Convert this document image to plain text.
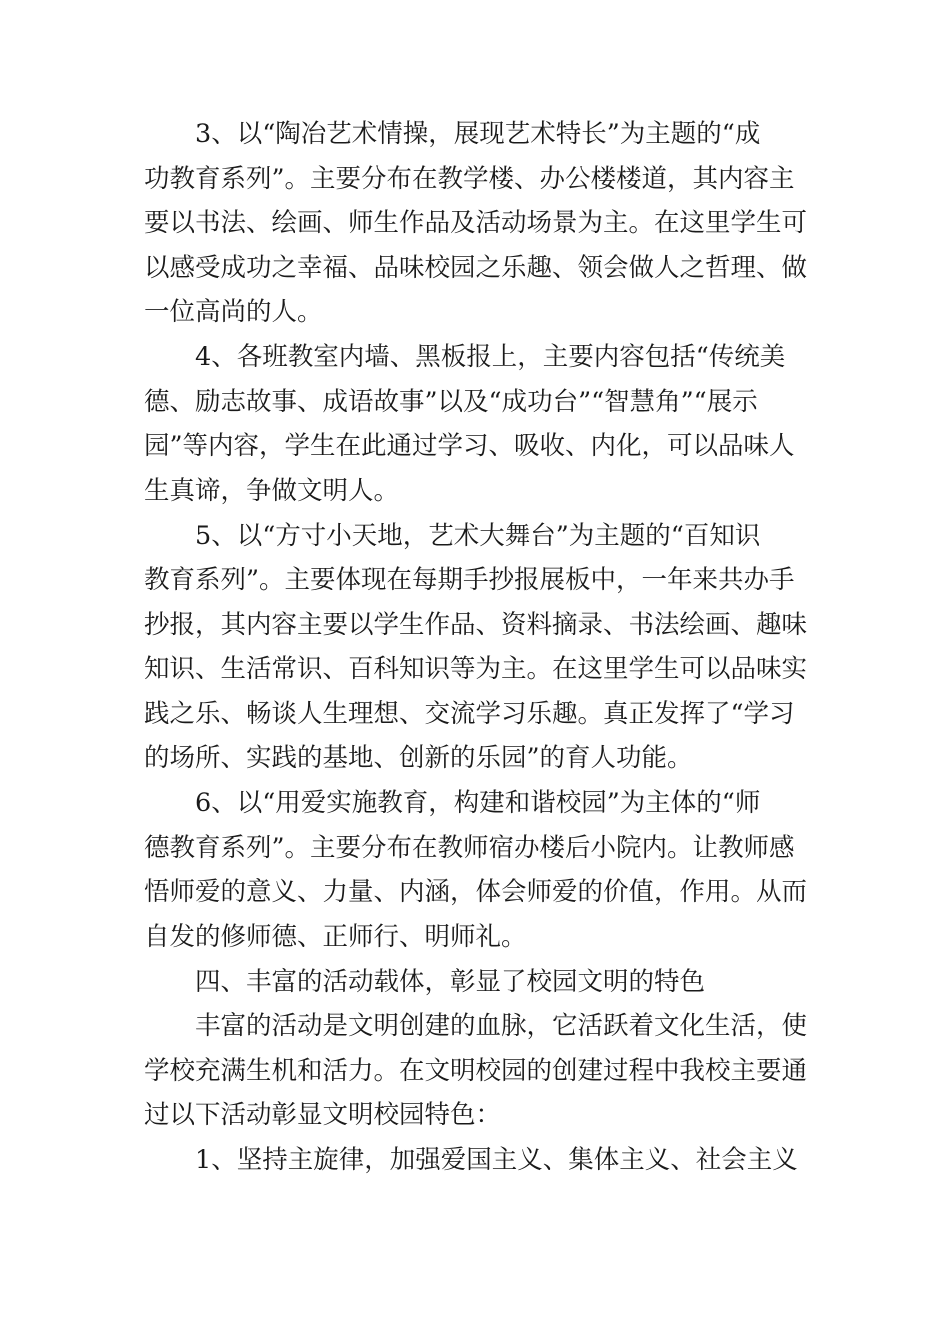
3、以“陶冶艺术情操，展现艺术特长”为主题的“成
功教育系列”。主要分布在教学楼、办公楼楼道，其内容主
要以书法、绘画、师生作品及活动场景为主。在这里学生可
以感受成功之幸福、品味校园之乐趣、领会做人之哲理、做
一位高尚的人。
4、各班教室内墙、黑板报上，主要内容包括“传统美
德、励志故事、成语故事”以及“成功台”“智慧角”“展示
园”等内容，学生在此通过学习、吸收、内化，可以品味人
生真谛，争做文明人。
5、以“方寸小天地，艺术大舞台”为主题的“百知识
教育系列”。主要体现在每期手抄报展板中，一年来共办手
抄报，其内容主要以学生作品、资料摘录、书法绘画、趣味
知识、生活常识、百科知识等为主。在这里学生可以品味实
践之乐、畅谈人生理想、交流学习乐趣。真正发挥了“学习
的场所、实践的基地、创新的乐园”的育人功能。
6、以“用爱实施教育，构建和谐校园”为主体的“师
德教育系列”。主要分布在教师宿办楼后小院内。让教师感
悟师爱的意义、力量、内涵，体会师爱的价值，作用。从而
自发的修师德、正师行、明师礼。
四、丰富的活动载体，彰显了校园文明的特色
丰富的活动是文明创建的血脉，它活跃着文化生活，使
学校充满生机和活力。在文明校园的创建过程中我校主要通
过以下活动彰显文明校园特色：
1、坚持主旋律，加强爱国主义、集体主义、社会主义
